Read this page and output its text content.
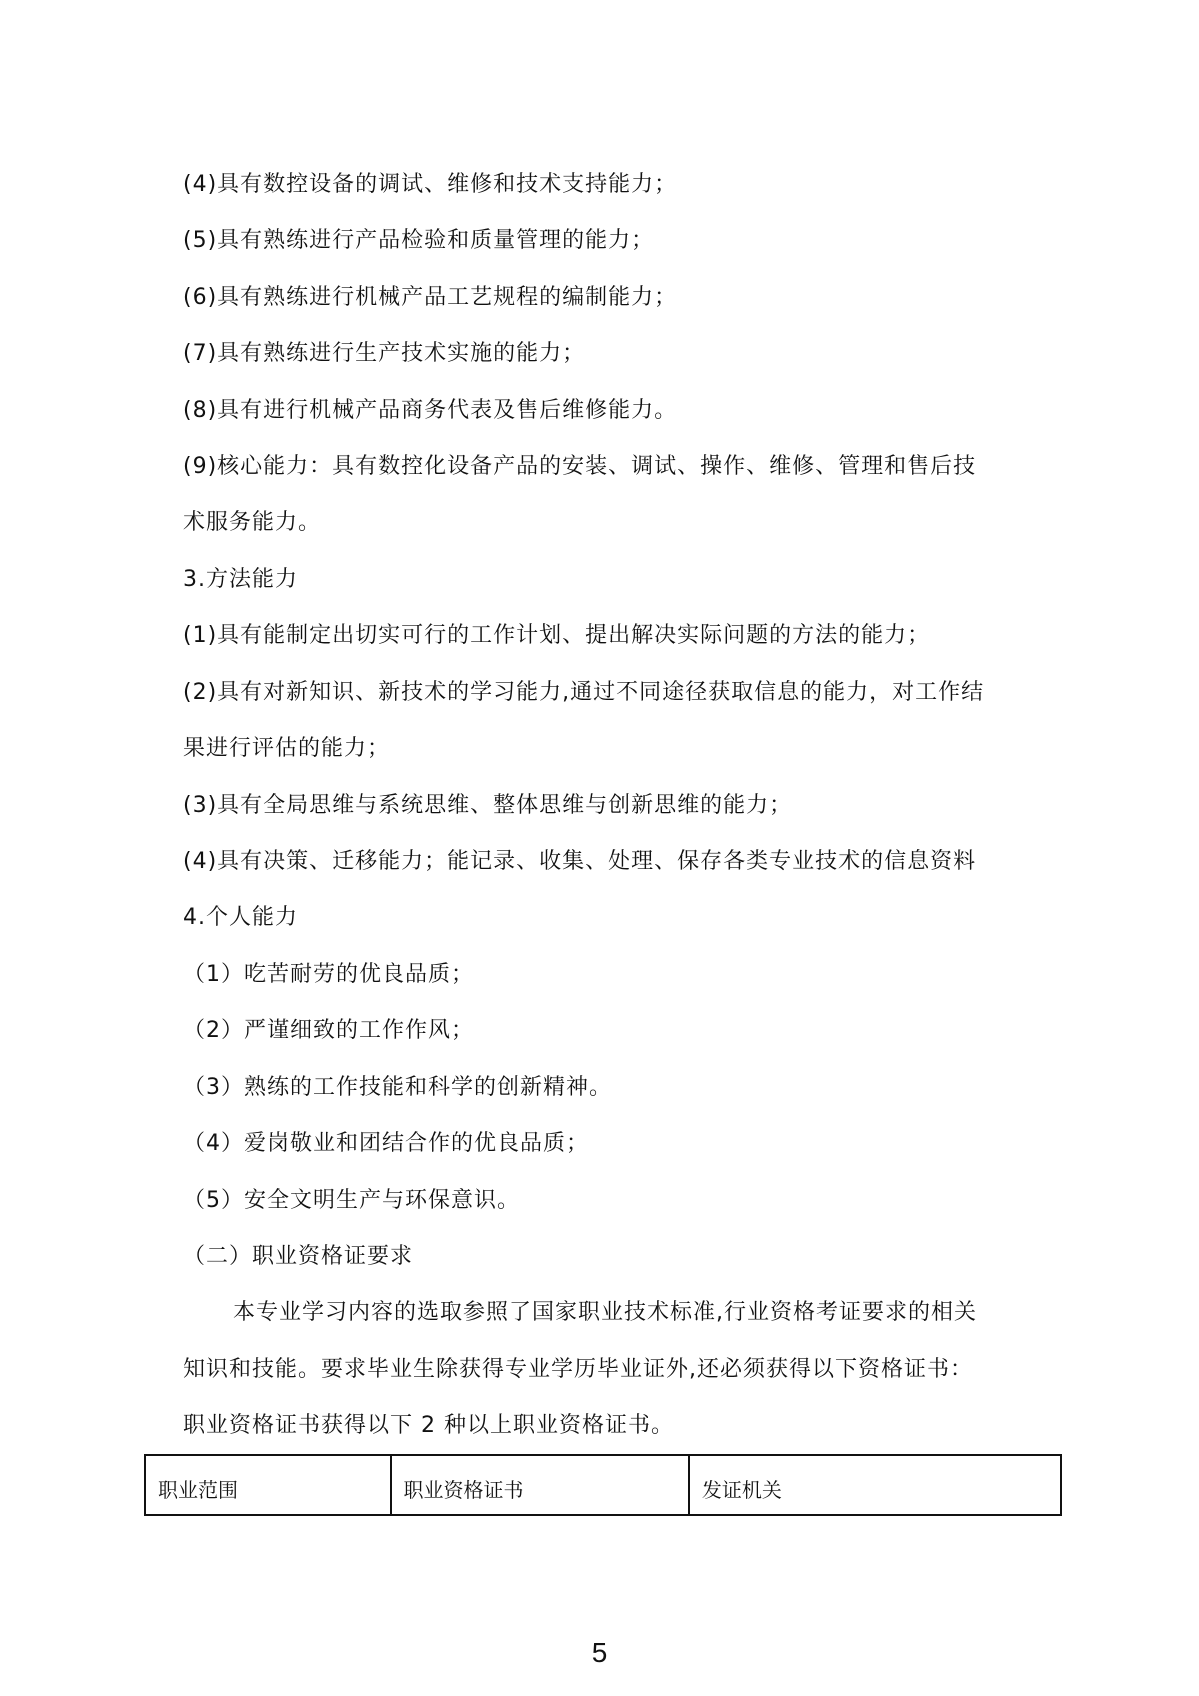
(4)具有数控设备的调试、维修和技术支持能力；
(5)具有熟练进行产品检验和质量管理的能力；
(6)具有熟练进行机械产品工艺规程的编制能力；
(7)具有熟练进行生产技术实施的能力；
(8)具有进行机械产品商务代表及售后维修能力。
(9)核心能力：具有数控化设备产品的安装、调试、操作、维修、管理和售后技
术服务能力。
3.方法能力
(1)具有能制定出切实可行的工作计划、提出解决实际问题的方法的能力；
(2)具有对新知识、新技术的学习能力,通过不同途径获取信息的能力，对工作结
果进行评估的能力；
(3)具有全局思维与系统思维、整体思维与创新思维的能力；
(4)具有决策、迁移能力；能记录、收集、处理、保存各类专业技术的信息资料
4.个人能力
（1）吃苦耐劳的优良品质；
（2）严谨细致的工作作风；
（3）熟练的工作技能和科学的创新精神。
（4）爱岗敬业和团结合作的优良品质；
（5）安全文明生产与环保意识。
（二）职业资格证要求
本专业学习内容的选取参照了国家职业技术标准,行业资格考证要求的相关
知识和技能。要求毕业生除获得专业学历毕业证外,还必须获得以下资格证书：
职业资格证书获得以下 2 种以上职业资格证书。
职业范围	职业资格证书	发证机关
5
